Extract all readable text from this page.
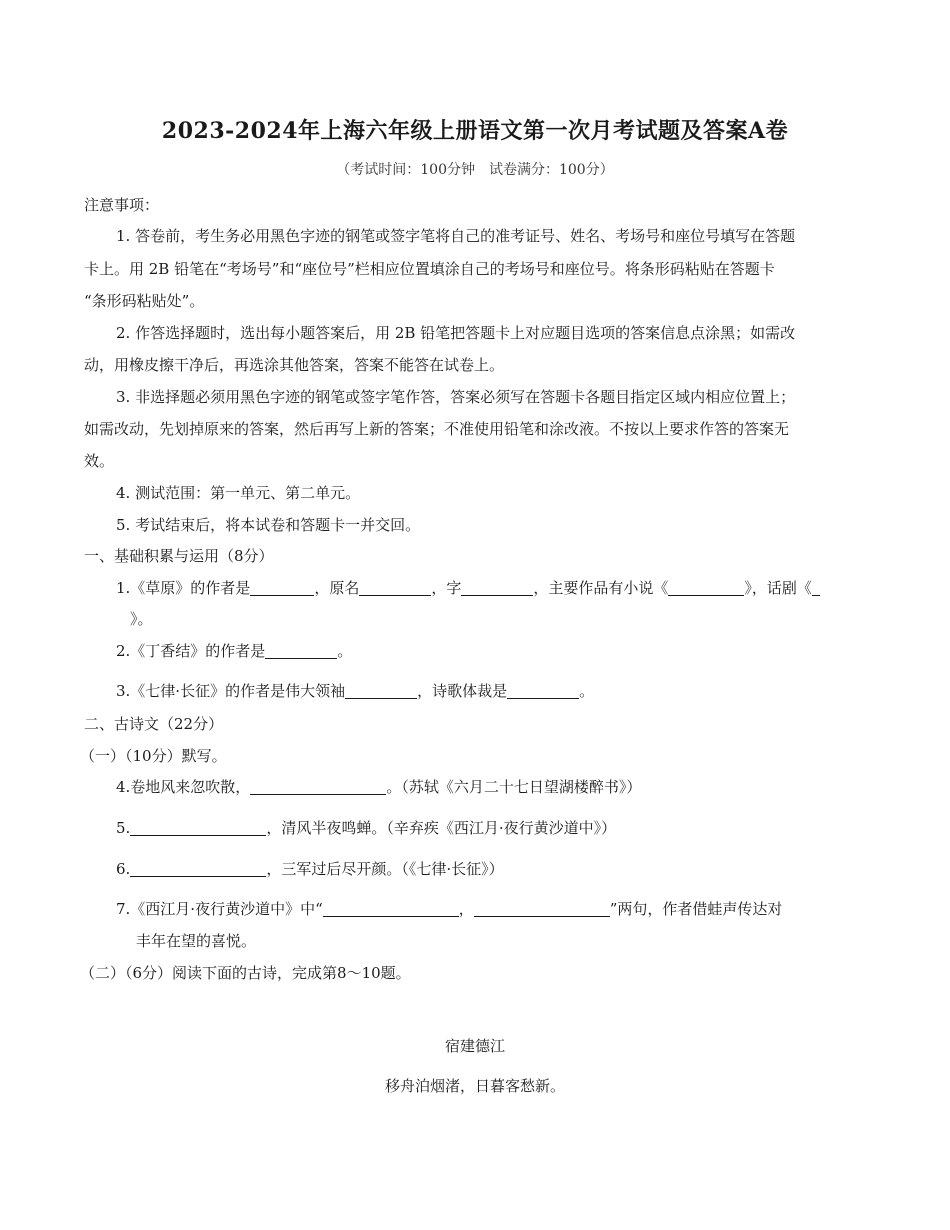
2023-2024年上海六年级上册语文第一次月考试题及答案A卷
（考试时间：100分钟　试卷满分：100分）
注意事项：
1. 答卷前，考生务必用黑色字迹的钢笔或签字笔将自己的准考证号、姓名、考场号和座位号填写在答题
卡上。用 2B 铅笔在“考场号”和“座位号”栏相应位置填涂自己的考场号和座位号。将条形码粘贴在答题卡
“条形码粘贴处”。
2. 作答选择题时，选出每小题答案后，用 2B 铅笔把答题卡上对应题目选项的答案信息点涂黑；如需改
动，用橡皮擦干净后，再选涂其他答案，答案不能答在试卷上。
3. 非选择题必须用黑色字迹的钢笔或签字笔作答，答案必须写在答题卡各题目指定区域内相应位置上；
如需改动，先划掉原来的答案，然后再写上新的答案；不准使用铅笔和涂改液。不按以上要求作答的答案无
效。
4. 测试范围：第一单元、第二单元。
5. 考试结束后，将本试卷和答题卡一并交回。
一、基础积累与运用（8分）
1.《草原》的作者是	，原名	，字	，主要作品有小说《	》，话剧《
》。
2.《丁香结》的作者是	。
3.《七律·长征》的作者是伟大领袖	，诗歌体裁是	。
二、古诗文（22分）
（一）（10分）默写。
4.卷地风来忽吹散，	。（苏轼《六月二十七日望湖楼醉书》）
5.	，清风半夜鸣蝉。（辛弃疾《西江月·夜行黄沙道中》）
6.	，三军过后尽开颜。（《七律·长征》）
7.《西江月·夜行黄沙道中》中“	，	”两句，作者借蛙声传达对
丰年在望的喜悦。
（二）（6分）阅读下面的古诗，完成第8～10题。
宿建德江
移舟泊烟渚，日暮客愁新。
